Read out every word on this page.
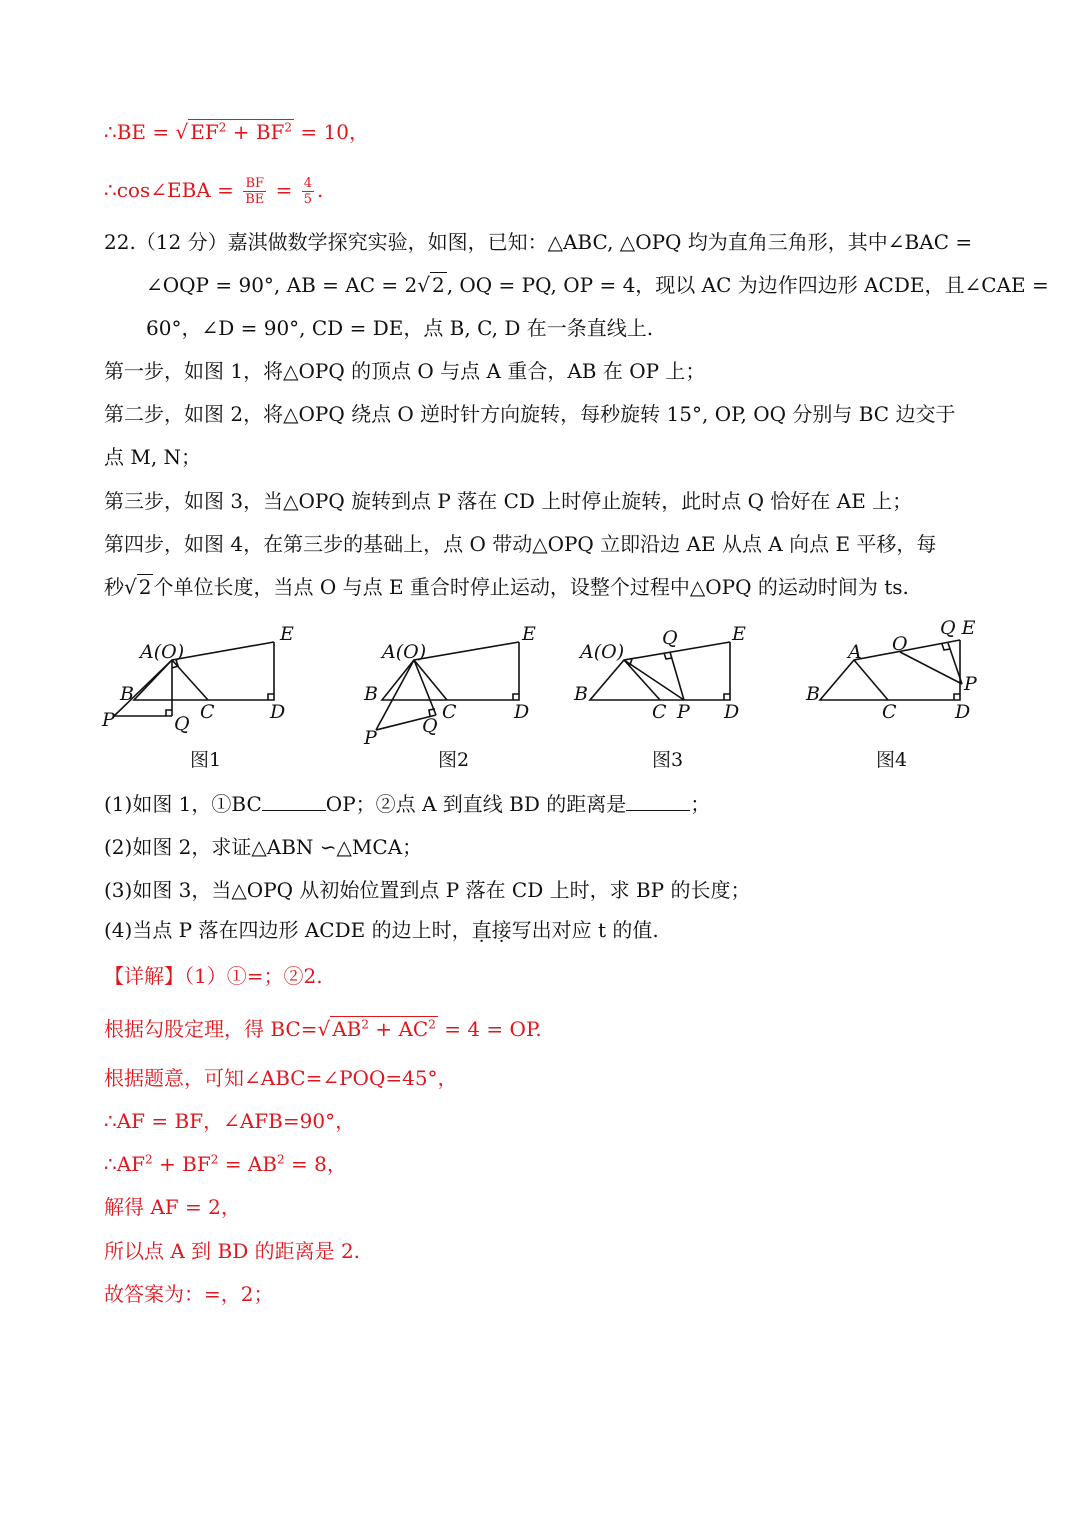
∴BE = √ $EF^2 + BF^2 = 10$，
∴cos∠EBA = $\frac{BF}{BE} = \frac{4}{5}$ .
22.（12 分）嘉淇做数学探究实验，如图，已知：△ABC, △OPQ 均为直角三角形，其中∠BAC =
∠OQP = 90°, AB = AC = 2√ 2 , OQ = PQ, OP = 4，现以 AC 为边作四边形 ACDE，且∠CAE =
60°，∠D = 90°, CD = DE，点 B, C, D 在一条直线上.
第一步，如图 1，将△OPQ 的顶点 O 与点 A 重合，AB 在 OP 上；
第二步，如图 2，将△OPQ 绕点 O 逆时针方向旋转，每秒旋转 15°, OP, OQ 分别与 BC 边交于
点 M, N；
第三步，如图 3，当△OPQ 旋转到点 P 落在 CD 上时停止旋转，此时点 Q 恰好在 AE 上；
第四步，如图 4，在第三步的基础上，点 O 带动△OPQ 立即沿边 AE 从点 A 向点 E 平移，每
秒√ 2 个单位长度，当点 O 与点 E 重合时停止运动，设整个过程中△OPQ 的运动时间为 ts.
A(O)
E
B
P	Q
C	D
图1
A(O)
E
B
P
Q
C	D
图2
A(O)
Q	E
B
C P D
图3
A O
Q E
B
C	D
P
图4
(1)如图 1，①BC	OP；②点 A 到直线 BD 的距离是	；
(2)如图 2，求证△ABN ∽△MCA；
(3)如图 3，当△OPQ 从初始位置到点 P 落在 CD 上时，求 BP 的长度；
(4)当点 P 落在四边形 ACDE 的边上时，直接写出对应 t 的值.
【详解】（1）①=；②2.
根据勾股定理，得 BC=√ $AB^2 + AC^2 = 4$ = OP.
根据题意，可知∠ABC=∠POQ=45°，
∴AF = BF，∠AFB=90°，
$\therefore AF^2 + BF^2 = AB^2 = 8$，
解得 AF = 2，
所以点 A 到 BD 的距离是 2.
故答案为：=，2；
